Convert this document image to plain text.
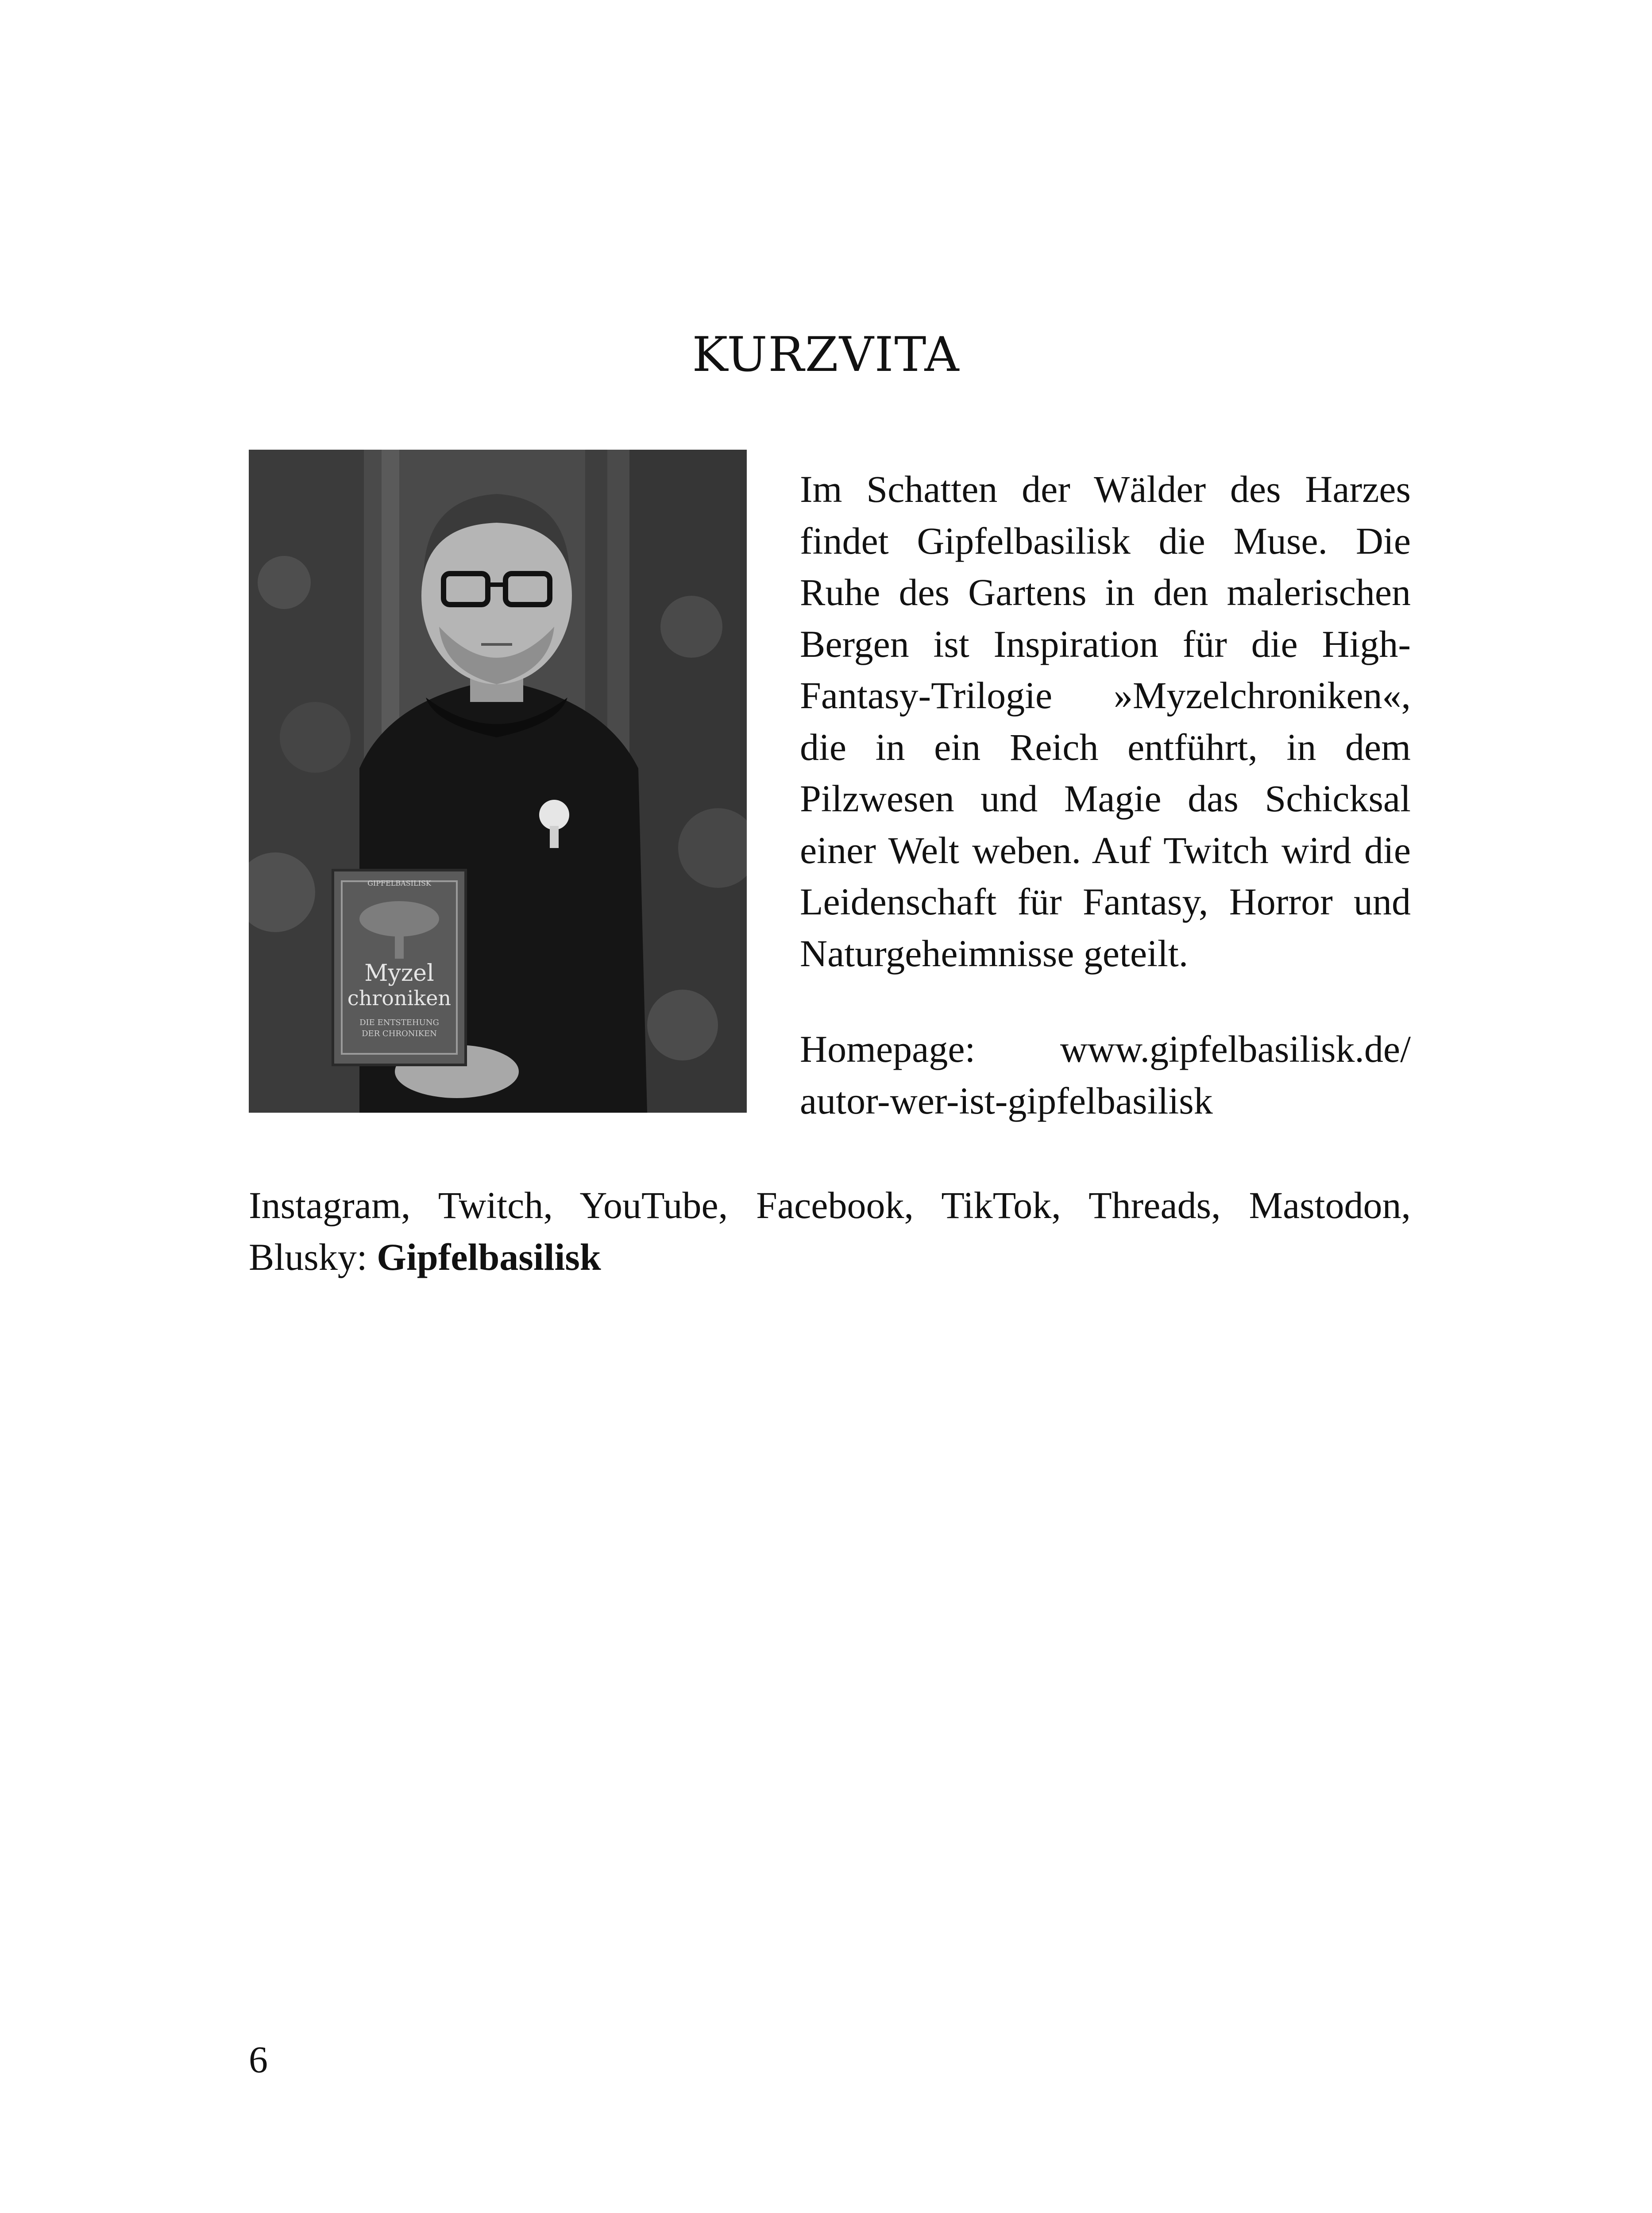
KURZVITA
GIPFELBASILISK
Myzel
chroniken
DIE ENTSTEHUNG
DER CHRONIKEN

Im Schatten der Wälder des Harzes findet Gipfelbasilisk die Muse. Die Ruhe des Gartens in den malerischen Bergen ist Inspiration für die High-Fantasy-Trilogie »Myzelchroniken«, die in ein Reich entführt, in dem Pilzwesen und Magie das Schicksal einer Welt weben. Auf Twitch wird die Leidenschaft für Fantasy, Horror und Naturgeheimnisse geteilt.

Homepage: www.gipfelbasilisk.de/
autor-wer-ist-gipfelbasilisk

Instagram, Twitch, YouTube, Facebook, TikTok, Threads, Mastodon, Blusky: Gipfelbasilisk

6
